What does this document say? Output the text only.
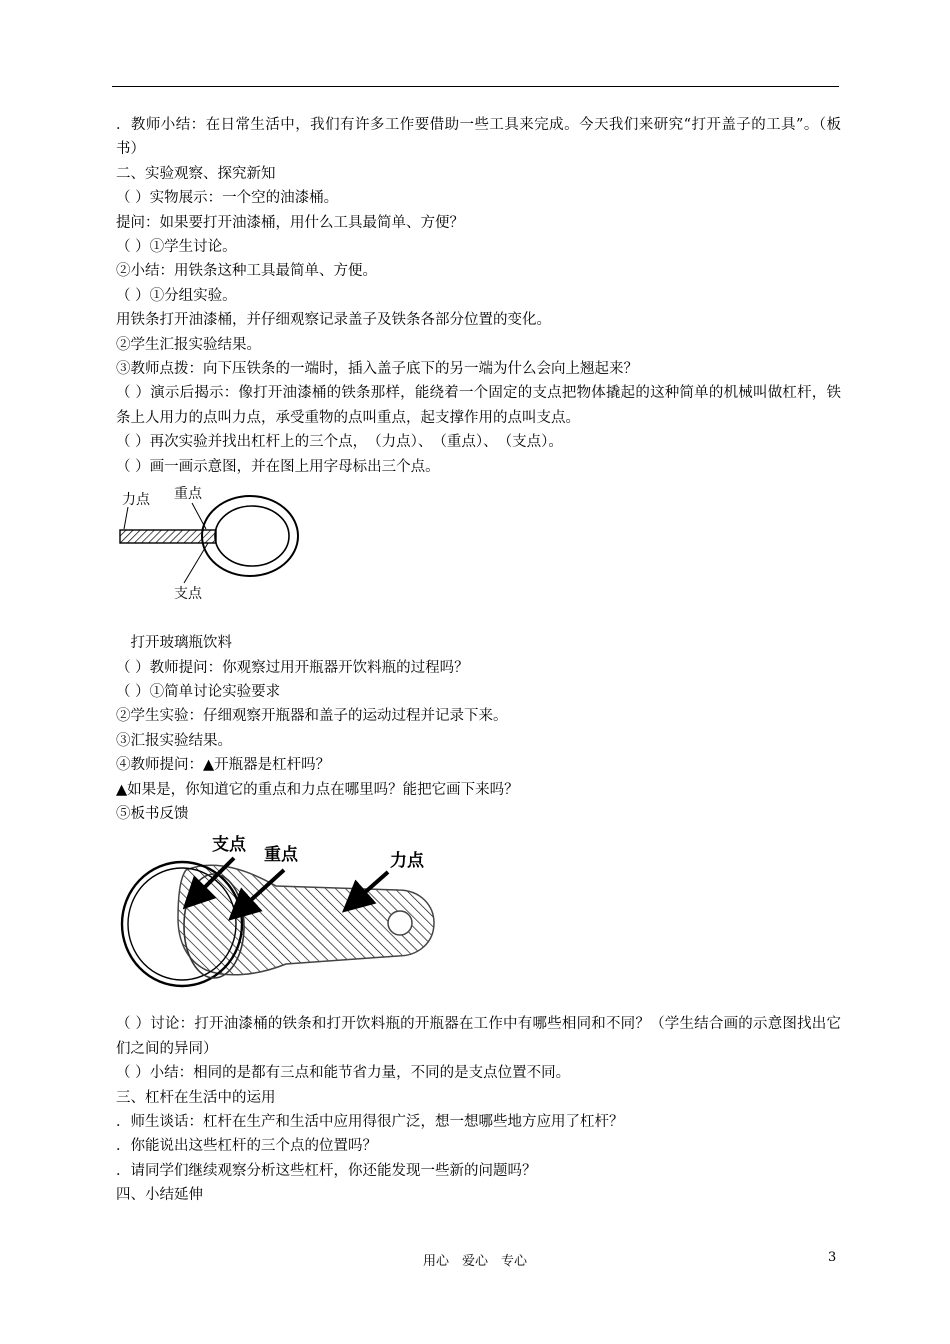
．教师小结：在日常生活中，我们有许多工作要借助一些工具来完成。今天我们来研究“打开盖子的工具”。（板书）

二、实验观察、探究新知

（ ）实物展示：一个空的油漆桶。

提问：如果要打开油漆桶，用什么工具最简单、方便？

（ ）①学生讨论。

②小结：用铁条这种工具最简单、方便。

（ ）①分组实验。

用铁条打开油漆桶，并仔细观察记录盖子及铁条各部分位置的变化。

②学生汇报实验结果。

③教师点拨：向下压铁条的一端时，插入盖子底下的另一端为什么会向上翘起来？

（ ）演示后揭示：像打开油漆桶的铁条那样，能绕着一个固定的支点把物体撬起的这种简单的机械叫做杠杆，铁条上人用力的点叫力点，承受重物的点叫重点，起支撑作用的点叫支点。

（ ）再次实验并找出杠杆上的三个点，　（力点）、　（重点）、　（支点）。

（ ）画一画示意图，并在图上用字母标出三个点。

力点 重点
支点

　打开玻璃瓶饮料

（ ）教师提问：你观察过用开瓶器开饮料瓶的过程吗？

（ ）①简单讨论实验要求

②学生实验：仔细观察开瓶器和盖子的运动过程并记录下来。

③汇报实验结果。

④教师提问：▲开瓶器是杠杆吗？

▲如果是，你知道它的重点和力点在哪里吗？能把它画下来吗？

⑤板书反馈

支点 重点	力点

（ ）讨论：打开油漆桶的铁条和打开饮料瓶的开瓶器在工作中有哪些相同和不同？（学生结合画的示意图找出它们之间的异同）

（ ）小结：相同的是都有三点和能节省力量，不同的是支点位置不同。

三、杠杆在生活中的运用

．师生谈话：杠杆在生产和生活中应用得很广泛，想一想哪些地方应用了杠杆？

．你能说出这些杠杆的三个点的位置吗？

．请同学们继续观察分析这些杠杆，你还能发现一些新的问题吗？

四、小结延伸

用心　爱心　专心	3
